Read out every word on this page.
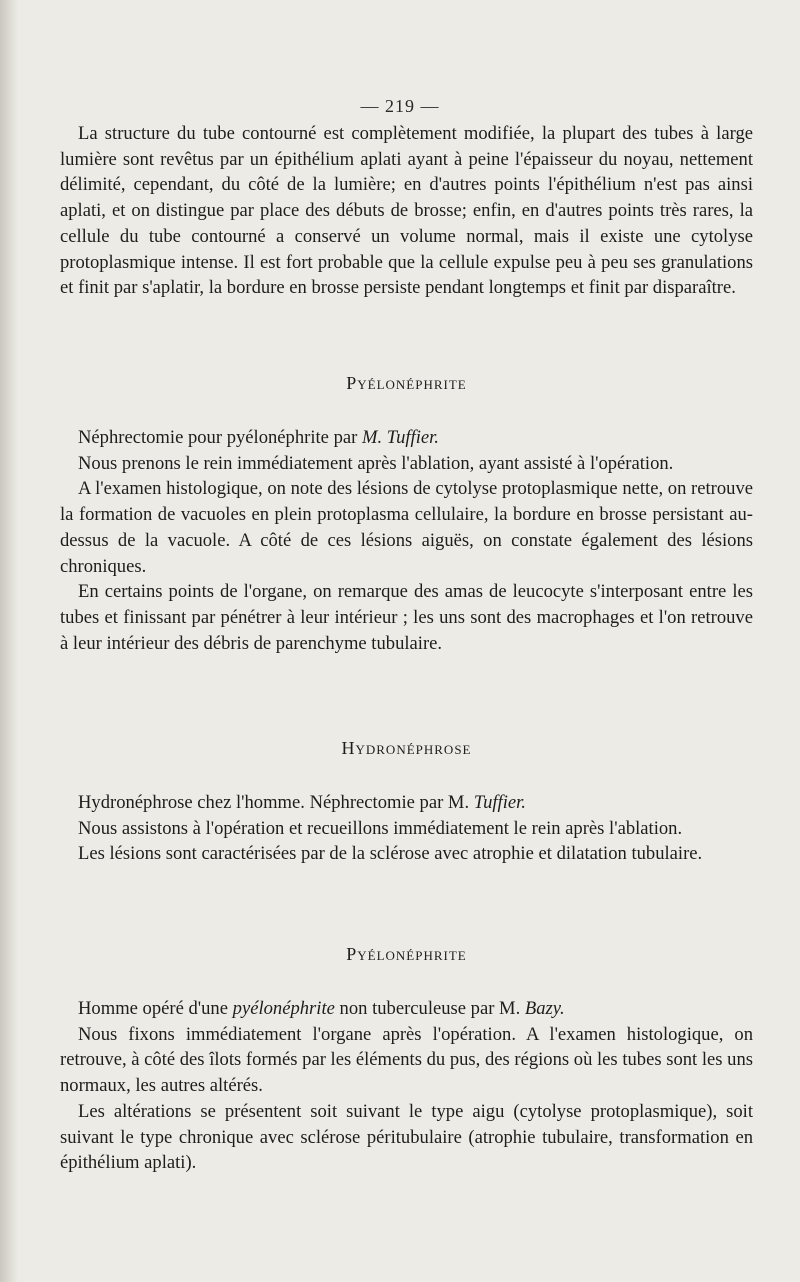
— 219 —

La structure du tube contourné est complètement modifiée, la plupart des tubes à large lumière sont revêtus par un épithélium aplati ayant à peine l'épaisseur du noyau, nettement délimité, cependant, du côté de la lumière; en d'autres points l'épithélium n'est pas ainsi aplati, et on distingue par place des débuts de brosse; enfin, en d'autres points très rares, la cellule du tube contourné a conservé un volume normal, mais il existe une cytolyse protoplasmique intense. Il est fort probable que la cellule expulse peu à peu ses granulations et finit par s'aplatir, la bordure en brosse persiste pendant longtemps et finit par disparaître.

Pyélonéphrite

Néphrectomie pour pyélonéphrite par M. Tuffier.

Nous prenons le rein immédiatement après l'ablation, ayant assisté à l'opération.

A l'examen histologique, on note des lésions de cytolyse protoplasmique nette, on retrouve la formation de vacuoles en plein protoplasma cellulaire, la bordure en brosse persistant au-dessus de la vacuole. A côté de ces lésions aiguës, on constate également des lésions chroniques.

En certains points de l'organe, on remarque des amas de leucocyte s'interposant entre les tubes et finissant par pénétrer à leur intérieur ; les uns sont des macrophages et l'on retrouve à leur intérieur des débris de parenchyme tubulaire.

Hydronéphrose

Hydronéphrose chez l'homme. Néphrectomie par M. Tuffier.

Nous assistons à l'opération et recueillons immédiatement le rein après l'ablation.

Les lésions sont caractérisées par de la sclérose avec atrophie et dilatation tubulaire.

Pyélonéphrite

Homme opéré d'une pyélonéphrite non tuberculeuse par M. Bazy.

Nous fixons immédiatement l'organe après l'opération. A l'examen histologique, on retrouve, à côté des îlots formés par les éléments du pus, des régions où les tubes sont les uns normaux, les autres altérés.

Les altérations se présentent soit suivant le type aigu (cytolyse protoplasmique), soit suivant le type chronique avec sclérose péritubulaire (atrophie tubulaire, transformation en épithélium aplati).
